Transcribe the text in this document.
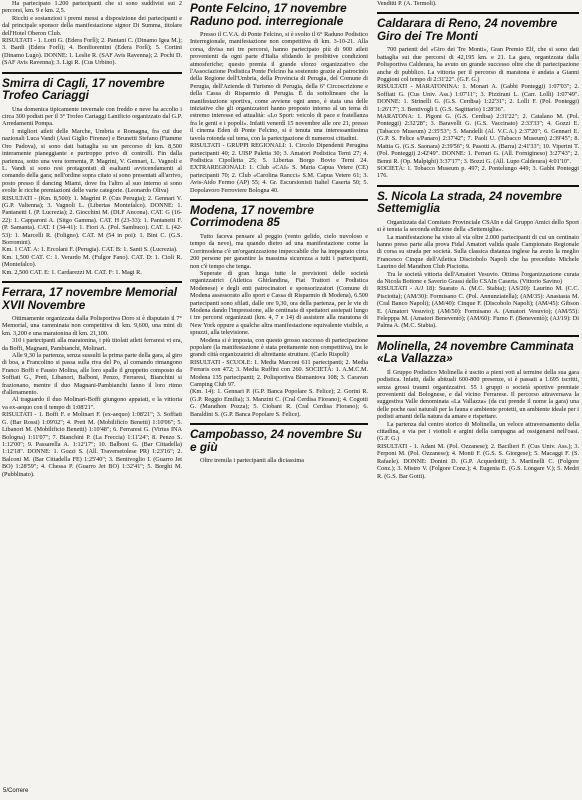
Ha partecipato 1.200 partecipanti che si sono suddivisi sui 2 percorsi, km. 9 e km. 2,5.

Ricchi e sostanziosi i premi messi a disposizione dei partecipanti e dal principale sponsor della manifestazione signor Di Summa, titolare dell'Hotel Oberon Club.

RISULTATI - 1. Lotti G. (Edera Forlì); 2. Pantani C. (Dinamo Igea M.); 3. Bardi (Edera Forlì); 4. Bonfiorentini (Edera Forlì); 5. Cortini (Dinamo Lugo). DONNE: 1. Leslie R. (SAF Avis Ravenna); 2. Pochi D. (SAF Avis Ravenna); 3. Ligi R. (Cus Urbino).

Smirra di Cagli, 17 novembre Trofeo Cariaggi

Una domenica tipicamente invernale con freddo e neve ha accolto i circa 300 podisti per il 3° Trofeo Cariaggi Lanificio organizzato dal G.P. Arredamenti Pompa.

I migliori atleti delle Marche, Umbria e Romagna, fra cui due nazionali Luca Vandi (Assi Giglio Firenze) e Brunetti Stefano (Fiamme Oro Padova), si sono dati battaglia su un percorso di km. 8,500 interamente pianeggiante e purtroppo privo di controlli. Fin dalla partenza, sotto una vera tormenta, P. Magrini, V. Gennari, L. Vagnoli e L. Vandi si sono resi protagonisti di esaltanti avvicendamenti al comando della gara; nell'ordine sopra citato si sono presentati all'arrivo, posto presso il dancing Miami, dove fra l'altro al suo interno si sono svolte le ricche premiazioni delle varie categorie. (Leonardo Oliva)

RISULTATI - (Km. 8,500): 1. Magrini P. (Cus Perugia); 2. Gennari V. (G.P. Valtenna); 3. Vagnoli L. (Libertas Montefalco). DONNE: 1. Pantanetti I. (P. Lucrezia); 2. Giocchini M. (DLF Ancona). CAT. G (16-22): 1. Capparoni A. (Sitgo Gamma). CAT. H (23-33): 1. Pantanetti F. (P. Samanta). CAT. I (34-41): 1. Fiori A. (Pol. Sambuco). CAT. L (42-53): 1. Marcelli R. (Foligno). CAT. M (54 in poi): 1. Bini C. (G.S. Borromini).

Km. 1 CAT. A: 1. Ercolani F. (Perugia). CAT. B: 1. Santi S. (Lucrezia).
Km. 1,500 CAT. C: 1. Verardo M. (Fulgor Fano). CAT. D: 1. Cioli R. (Montefalco).
Km. 2,500 CAT. E: 1. Cardarezzi M. CAT. F: 1. Magi R.

Ferrara, 17 novembre Memorial XVII Novembre

Ottimamente organizzata dalla Polisportiva Doro si è disputato il 7° Memorial, una camminata non competitiva di km. 9,600, una mini di km. 3,200 e una maratonina di km. 21,100.

310 i partecipanti alla maratonina, i più titolati atleti ferraresi vi era, da Boffi, Magnani, Pambianchi, Molinari.

Alle 9,30 la partenza, senza sussulti la prima parte della gara, al giro di boa, a Francolino si passa sulla riva del Po, al comando rimangono Franco Boffi e Fausto Molina, alle loro spalle il gruppetto composto da Soffiati G., Preti, Libanori, Balboni, Penzo, Ferraresi, Bianchini si frazionano, mentre il duo Magnani-Pambianchi fanno il loro ritmo d'allenamento.

Al traguardo il duo Molinari-Boffi giungono appaiati, e la vittoria va ex-aequo con il tempo di 1:08'21".

RISULTATI - 1. Boffi F. e Molinari F. (ex-aequo) 1:08'21"; 3. Soffiati G. (Bar Rossi) 1:09'02"; 4. Preti M. (Mobilificio Benetti) 1:10'06"; 5. Libanori M. (Mobilificio Benetti) 1:10'48"; 6. Ferraresi G. (Virtus INA Bologna) 1:11'07"; 7. Bianchini P. (La Freccia) 1:11'24"; 8. Penzo S. 1:12'00"; 9. Passarella A. 1:12'17"; 10. Balboni G. (Bar Cittadella) 1:12'18". DONNE: 1. Gozzi S. (All. Traversetolese PR) 1:23'16"; 2. Balconi M. (Bar Cittadella FE) 1:25'40"; 3. Bentivoglio I. (Guarro Jet BO) 1:28'59"; 4. Chessa P. (Guarro Jet BO) 1:32'41"; 5. Borghi M. (Pubblinato).

Ponte Felcino, 17 novembre Raduno pod. interregionale

Presso il C.V.A. di Ponte Felcino, si è svolto il 6° Raduno Podistico Interregionale, manifestazione non competitiva di km. 3-10-21. Alla corsa, divisa nei tre percorsi, hanno partecipato più di 900 atleti provenienti da ogni parte d'Italia sfidando le proibitive condizioni atmosferiche; questo premia il grande sforzo organizzativo che l'Associazione Podistica Ponte Felcino ha sostenuto grazie al patrocinio della Regione dell'Umbria, della Provincia di Perugia, del Comune di Perugia, dell'Azienda di Turismo di Perugia, della 6ª Circoscrizione e della Cassa di Risparmio di Perugia. È da sottolineare che la manifestazione sportiva, come avviene ogni anno, è stata una delle iniziative che gli organizzatori hanno proposto intorno al un tema di estremo interesse ed attualità: «Lo Sport: veicolo di pace e fratellanza fra le genti e i popoli». Infatti venerdì 15 novembre alle ore 21, presso il cinema Eden di Ponte Felcino, si è tenuta una interessantissima tavola rotonda sul tema, con la partecipazione di numerosi cittadini.

RISULTATI - GRUPPI REGIONALI: 1. Circolo Dipendenti Perugina partecipanti 40; 2. UISP Paletta 30; 3. Amatori Podistica Terni 27; 4. Podistica Cipolletta 25; 5. Libertas Borgo Bovio Terni 24. EXTRAREGIONALI: 1. Club «CAI» S. Maria Capua Vetere (CE) partecipanti 70; 2. Club «Carolina Rancci» S.M. Capua Vetere 61; 3. Avis-Aido Fermo (AP) 55; 4. Gr. Escursionisti Italtel Caserta 50; 5. Dopolavoro Ferroviere Bologna 40.

Modena, 17 novembre Corrimodena 85

Tutto faceva pensare al peggio (vento gelido, cielo nuvoloso e tempo da neve), ma quando dietro ad una manifestazione come la Corrimodena c'è un'organizzazione impeccabile che ha impegnato circa 200 persone per garantire la massima sicurezza a tutti i partecipanti, non c'è tempo che tenga.

Superate di gran lunga tutte le previsioni delle società organizzatrici (Atletica Ghirlandina, Fiat Trattori e Podistica Modenese) e degli enti patrocinatori e sponsorizzatori (Comune di Modena assessorato allo sport e Cassa di Risparmio di Modena), 6.500 partecipanti sono sfilati, dalle ore 9,30, ora della partenza, per le vie di Modena dando l'impressione, alle centinaia di spettatori assiepati lungo i tre percorsi organizzati (km. 4, 7 e 14) di assistere alla maratona di New York oppure a qualche altra manifestazione equivalente visibile, a sprazzi, alla televisione.

Modena si è imposta, con questo grosso successo di partecipazione popolare (la manifestazione è stata prettamente non competitiva), tra le grandi città organizzatrici di altrettante strutture. (Carlo Rispoli)

RISULTATI - SCUOLE: 1. Media Marconi 611 partecipanti; 2. Media Ferraris con 472; 3. Media Ruffini con 260. SOCIETÀ: 1. A.M.C.M. Modena 135 partecipanti; 2. Polisportiva Bismantova 108; 3. Caravan Camping Club 97.

(Km. 14): 1. Gennari P. (G.P. Banca Popolare S. Felice); 2. Gorini R. (G.P. Reggio Emilia); 3. Manzini C. (Cral Cerdisa Fiorano); 4. Cogotti G. (Marathon Pozza); 5. Ciobani R. (Cral Cerdisa Fiorano); 6. Baraldini S. (G.P. Banca Popolare S. Felice).

Campobasso, 24 novembre Su e giù

Oltre tremila i partecipanti alla diciassima

Venditti P. (A. Termoli).

Caldarara di Reno, 24 novembre Giro dei Tre Monti

700 partenti del «Giro dei Tre Monti», Gran Premio Elf, che si sono dati battaglia sui due percorsi di 42,195 km. e 21. La gara, organizzata dalla Polisportiva Calderara, ha avuto un grande successo oltre che di partecipazione anche di pubblico. La vittoria per il percorso di maratona è andata a Gianni Poggioni col tempo di 2:31'22". (G.F. G.)

RISULTATI - MARATONINA: 1. Monari A. (Gabbi Ponteggi) 1:07'03"; 2. Soffiati G. (Cus Univ. Ass.) 1:07'11"; 3. Pizzirani L. (Carr. Lolli) 1:07'49". DONNE: 1. Strinelli G. (G.S. Cerdisa) 1:22'31"; 2. Lolli F. (Pol. Ponteggi) 1:26'17"; 3. Bentivogli I. (G.S. Sagittario) 1:28'36".
MARATONA: 1. Pigoni G. (G.S. Cerdisa) 2:31'22"; 2. Catalano M. (Pol. Ponteggi) 2:32'28"; 3. Baravelli G. (G.S. Vaccinato) 2:33'33"; 4. Gozzi E. (Tabacco Museum) 2:35'53"; 5. Mandelli (Al. V.C.A.) 2:37'20"; 6. Gennari E. (G.P. S. Felice s/Panaro) 2:37'42"; 7. Paoli U. (Tabacco Museum) 2:39'45"; 8. Mattia G. (G.S. Saonara) 2:39'56"; 9. Pasotti A. (Barra) 2:41'33"; 10. Viperini T. (Pol. Ponteggi) 2:42'49". DONNE: 1. Ferrari G. (All. Fornigineso) 3:27'43"; 2. Benni R. (Op. Malpighi) 3:37'17"; 3. Bozzi G. (All. Lupo Calderara) 4:01'10".
SOCIETÀ: 1. Tobacco Museum p. 497; 2. Pontelungo 449; 3. Gabbi Ponteggi 176.

S. Nicola La strada, 24 novembre Settemiglia

Organizzata dal Comitato Provinciale CSAIn e dal Gruppo Amici dello Sport si è tenuta la seconda edizione della «Settemiglia».

La manifestazione ha visto al via oltre 2.000 partecipanti di cui un centinaio hanno preso parte alla prova Fidal Amatori valida quale Campionato Regionale di corsa su strada per società. Sulla classica distanza inglese ha avuto la meglio Francesco Cinque dell'Atletica Disciobolo Napoli che ha preceduto Michele Laurino del Marathon Club Pisciotta.

Tra le società vittoria dell'Amatori Vesuvio. Ottima l'organizzazione curata da Nicola Bottone e Saverio Grassi dello CSAIn Caserta. (Vittorio Savino)

RISULTATI - A/J 18): Suarato A. (M.C. Stabia); (AS/20): Laurino M. (C.C. Pisciotta); (AM/30): Formisano C. (Pol. Annunziatella); (AM/35): Anastasia M. (Cral Banco Napoli); (AM/40): Cinque F. (Discobolo Napoli); (AM/45): Gibson E. (Amatori Vesuvio); (AM/50): Formisano A. (Amatori Vesuvio); (AM/55): Felepppa M. (Amatori Beneventò); (AM/60): Furno F. (Beneventò); (AJ/19): Di Palma A. (M.C. Stabia).

Molinella, 24 novembre Camminata «La Vallazza»

Il Gruppo Podistico Molinella è uscito a pieni voti al termine della sua gara podistica. Infatti, dalle abituali 600-800 presenze, si è passati a 1.695 iscritti, senza grossi traumi organizzativi. 55 i gruppi o società sportive premiate provenienti dal Bolognese, e dal vicino Ferrarese. Il percorso attraversava la suggestiva Valle denominata «La Vallazza» (da cui prende il nome la gara) una delle poche oasi naturali per la fauna e ambiente protetti, un ambiente ideale per i podisti amanti della natura da amare e rispettare.

La partenza dal centro storico di Molinella, un veloce attraversamento della cittadina, e via per i viottoli e argini della campagna ad ossigenarsi nell'oasi. (G.F. G.)

RISULTATI - 1. Adani M. (Pol. Ozzanese); 2. Bacilieri F. (Cus Univ. Ass.); 3. Ferponi M. (Pol. Ozzanese); 4. Monti F. (G.S. S. Giorgese); 5. Macaggi F. (S. Rafaele). DONNE: Donini D. (G.P. Acquedotti); 3. Martinelli C. (Folgore Conz.); 3. Mistro V. (Folgore Conz.); 4. Eugenia E. (G.S. Longare V.); 5. Medri R. (G.S. Bar Gotti).

5/Correre
